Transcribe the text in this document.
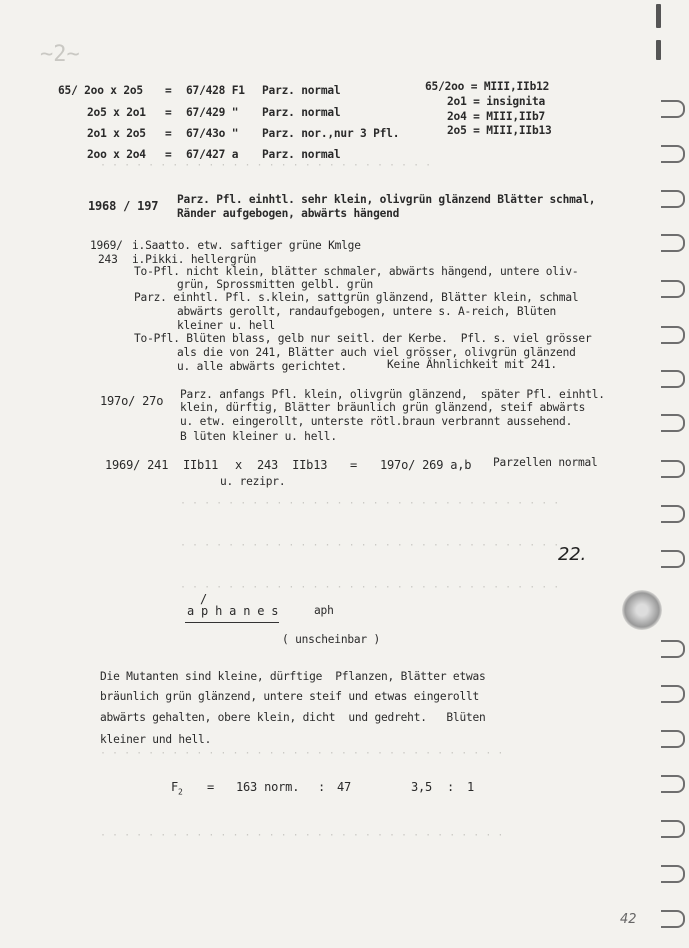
~2~
· · · · · · · · · · · · · · · · · · · · · · · · · · · ·
· · · · · · · · · · · · · · · · · · · · · · · · · · · · · · · ·
· · · · · · · · · · · · · · · · · · · · · · · · · · · · · · · ·
· · · · · · · · · · · · · · · · · · · · · · · · · · · · · · · ·
· · · · · · · · · · · · · · · · · · · · · · · · · · · · · · · · · ·
· · · · · · · · · · · · · · · · · · · · · · · · · · · · · · · · · ·
65/ 2oo x 2o5 = 67/428 F1 Parz. normal
2o5 x 2o1 = 67/429 " Parz. normal
2o1 x 2o5 = 67/43o " Parz. nor.,nur 3 Pfl.
2oo x 2o4 = 67/427 a Parz. normal
65/2oo = MIII,IIb12
2o1 = insignita
2o4 = MIII,IIb7
2o5 = MIII,IIb13
1968 / 197 Parz. Pfl. einhtl. sehr klein, olivgrün glänzend Blätter schmal,
Ränder aufgebogen, abwärts hängend
1969/
243
i.Saatto. etw. saftiger grüne Kmlge
i.Pikki. hellergrün
To-Pfl. nicht klein, blätter schmaler, abwärts hängend, untere oliv-
grün, Sprossmitten gelbl. grün
Parz. einhtl. Pfl. s.klein, sattgrün glänzend, Blätter klein, schmal
abwärts gerollt, randaufgebogen, untere s. A-reich, Blüten
kleiner u. hell
To-Pfl. Blüten blass, gelb nur seitl. der Kerbe.  Pfl. s. viel grösser
als die von 241, Blätter auch viel grösser, olivgrün glänzend
u. alle abwärts gerichtet.	Keine Ähnlichkeit mit 241.
197o/ 27o Parz. anfangs Pfl. klein, olivgrün glänzend,  später Pfl. einhtl.
klein, dürftig, Blätter bräunlich grün glänzend, steif abwärts
u. etw. eingerollt, unterste rötl.braun verbrannt aussehend.
B lüten kleiner u. hell.
1969/ 241 IIb11 x 243  IIb13 = 197o/ 269 a,b Parzellen normal
u. rezipr.
22.
/
a p h a n e s	aph
( unscheinbar )
Die Mutanten sind kleine, dürftige  Pflanzen, Blätter etwas
bräunlich grün glänzend, untere steif und etwas eingerollt
abwärts gehalten, obere klein, dicht  und gedreht.   Blüten
kleiner und hell.
$F_2 = 163$ norm. : 47	3,5 : 1
42
